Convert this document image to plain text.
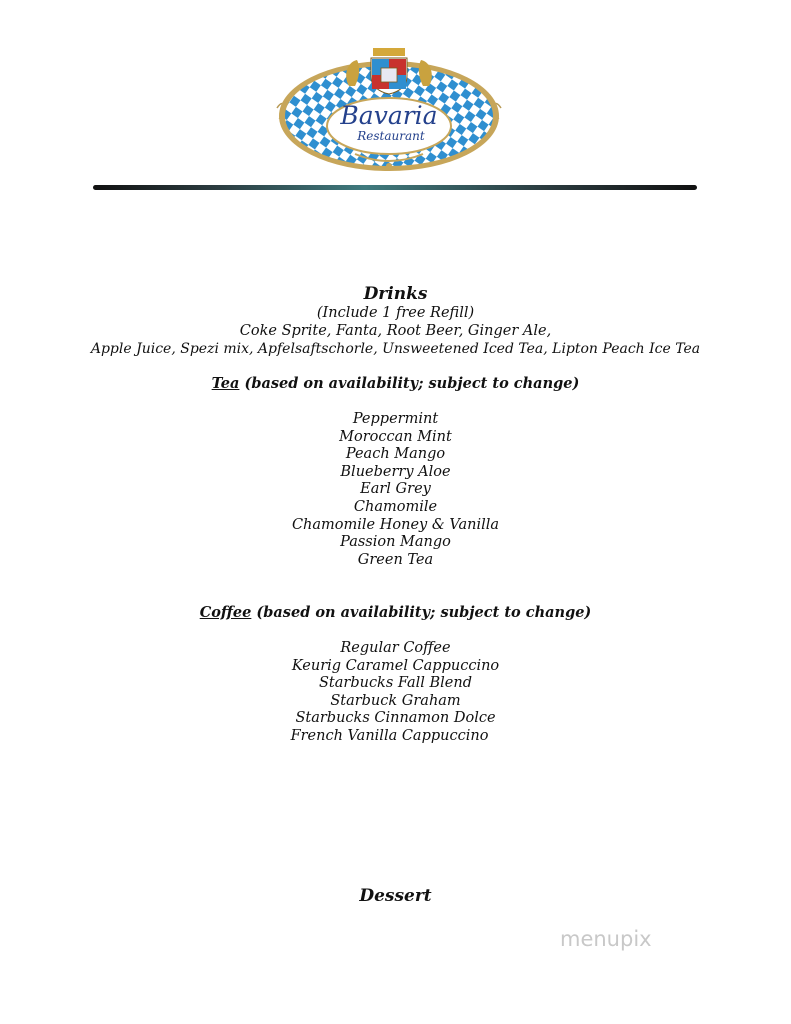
Bavaria
Restaurant
Drinks
(Include 1 free Refill)
Coke Sprite, Fanta, Root Beer, Ginger Ale,
Apple Juice, Spezi mix, Apfelsaftschorle, Unsweetened Iced Tea, Lipton Peach Ice Tea
Tea (based on availability; subject to change)
Peppermint
Moroccan Mint
Peach Mango
Blueberry Aloe
Earl Grey
Chamomile
Chamomile Honey & Vanilla
Passion Mango
Green Tea
Coffee (based on availability; subject to change)
Regular Coffee
Keurig Caramel Cappuccino
Starbucks Fall Blend
Starbuck Graham
Starbucks Cinnamon Dolce
French Vanilla Cappuccino
Dessert
menupix
